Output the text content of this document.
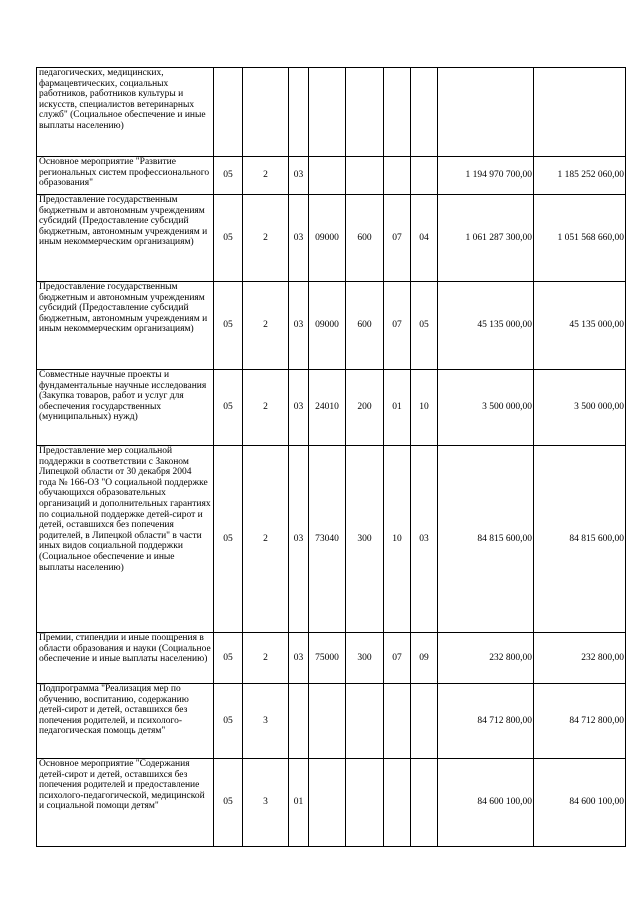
педагогических, медицинских, фармацевтических, социальных работников, работников культуры и искусств, специалистов ветеринарных служб" (Социальное обеспечение и иные выплаты населению)									
Основное мероприятие "Развитие региональных систем профессионального образования"	05	2	03					1 194 970 700,00	1 185 252 060,00
Предоставление государственным бюджетным и автономным учреждениям субсидий (Предоставление субсидий бюджетным, автономным учреждениям и иным некоммерческим организациям)	05	2	03	09000	600	07	04	1 061 287 300,00	1 051 568 660,00
Предоставление государственным бюджетным и автономным учреждениям субсидий (Предоставление субсидий бюджетным, автономным учреждениям и иным некоммерческим организациям)	05	2	03	09000	600	07	05	45 135 000,00	45 135 000,00
Совместные научные проекты и фундаментальные научные исследования (Закупка товаров, работ и услуг для обеспечения государственных (муниципальных) нужд)	05	2	03	24010	200	01	10	3 500 000,00	3 500 000,00
Предоставление мер социальной поддержки в соответствии с Законом Липецкой области от 30 декабря 2004 года № 166-ОЗ "О социальной поддержке обучающихся образовательных организаций и дополнительных гарантиях по социальной поддержке детей-сирот и детей, оставшихся без попечения родителей, в Липецкой области" в части иных видов социальной поддержки (Социальное обеспечение и иные выплаты населению)	05	2	03	73040	300	10	03	84 815 600,00	84 815 600,00
Премии, стипендии и иные поощрения в области образования и науки (Социальное обеспечение и иные выплаты населению)	05	2	03	75000	300	07	09	232 800,00	232 800,00
Подпрограмма "Реализация мер по обучению, воспитанию, содержанию детей-сирот и детей, оставшихся без попечения родителей, и психолого-педагогическая помощь детям"	05	3						84 712 800,00	84 712 800,00
Основное мероприятие "Содержания детей-сирот и детей, оставшихся без попечения родителей и предоставление психолого-педагогической, медицинской и социальной помощи детям"	05	3	01					84 600 100,00	84 600 100,00
